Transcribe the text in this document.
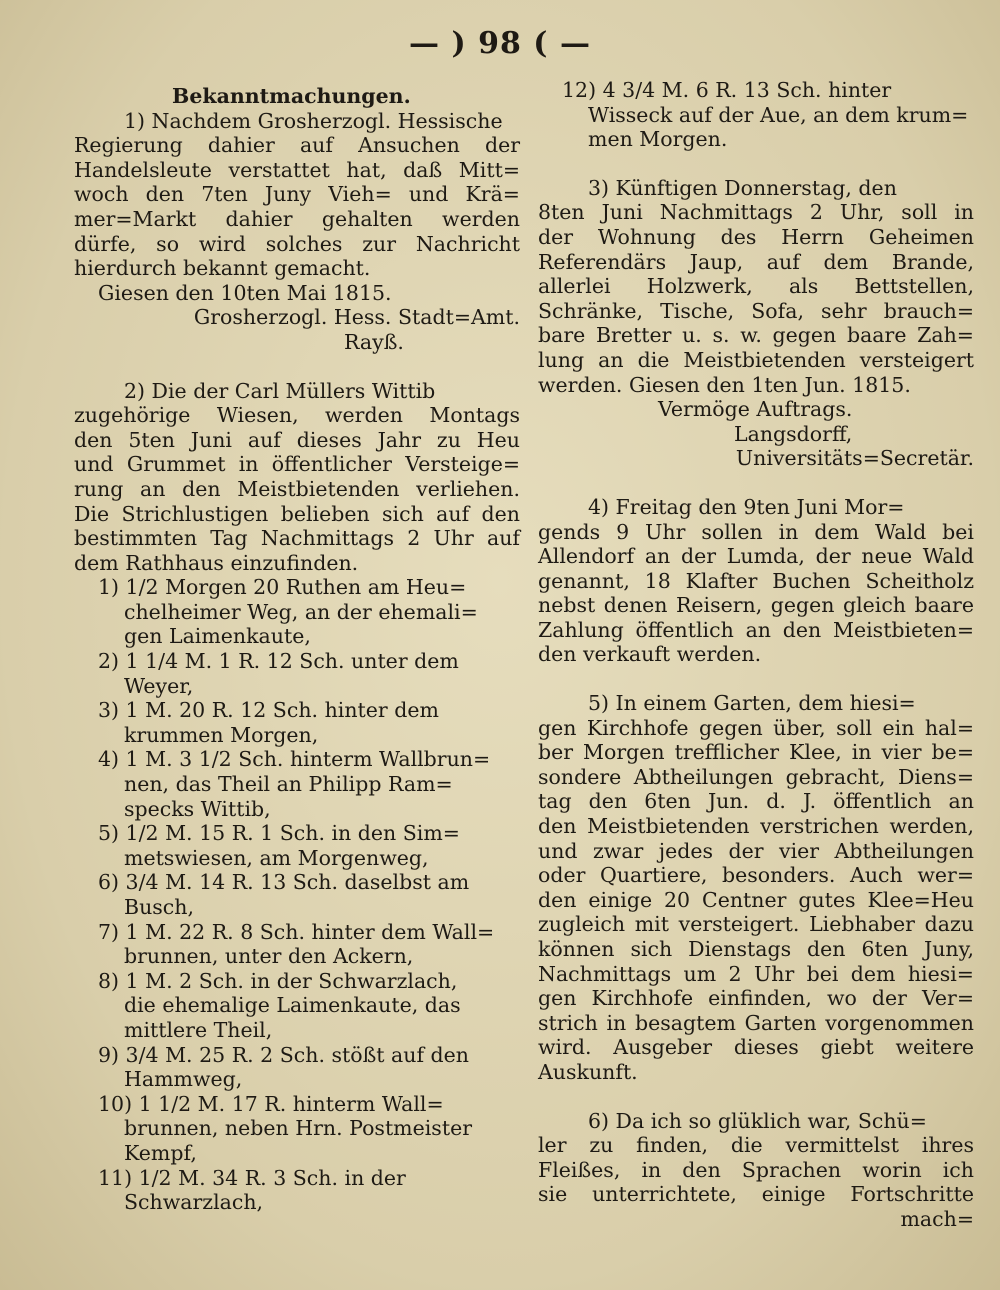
— ) 98 ( —
Bekanntmachungen.
1) Nachdem Grosherzogl. Hessische
Regierung dahier auf Ansuchen der
Handelsleute verstattet hat, daß Mitt=
woch den 7ten Juny Vieh= und Krä=
mer=Markt dahier gehalten werden
dürfe, so wird solches zur Nachricht
hierdurch bekannt gemacht.
Giesen den 10ten Mai 1815.
Grosherzogl. Hess. Stadt=Amt.
Rayß.
2) Die der Carl Müllers Wittib
zugehörige Wiesen, werden Montags
den 5ten Juni auf dieses Jahr zu Heu
und Grummet in öffentlicher Versteige=
rung an den Meistbietenden verliehen.
Die Strichlustigen belieben sich auf den
bestimmten Tag Nachmittags 2 Uhr auf
dem Rathhaus einzufinden.
1) 1/2 Morgen 20 Ruthen am Heu=
chelheimer Weg, an der ehemali=
gen Laimenkaute,
2) 1 1/4 M. 1 R. 12 Sch. unter dem
Weyer,
3) 1 M. 20 R. 12 Sch. hinter dem
krummen Morgen,
4) 1 M. 3 1/2 Sch. hinterm Wallbrun=
nen, das Theil an Philipp Ram=
specks Wittib,
5) 1/2 M. 15 R. 1 Sch. in den Sim=
metswiesen, am Morgenweg,
6) 3/4 M. 14 R. 13 Sch. daselbst am
Busch,
7) 1 M. 22 R. 8 Sch. hinter dem Wall=
brunnen, unter den Ackern,
8) 1 M. 2 Sch. in der Schwarzlach,
die ehemalige Laimenkaute, das
mittlere Theil,
9) 3/4 M. 25 R. 2 Sch. stößt auf den
Hammweg,
10) 1 1/2 M. 17 R. hinterm Wall=
brunnen, neben Hrn. Postmeister
Kempf,
11) 1/2 M. 34 R. 3 Sch. in der
Schwarzlach,
12) 4 3/4 M. 6 R. 13 Sch. hinter
Wisseck auf der Aue, an dem krum=
men Morgen.
3) Künftigen Donnerstag, den
8ten Juni Nachmittags 2 Uhr, soll in
der Wohnung des Herrn Geheimen
Referendärs Jaup, auf dem Brande,
allerlei Holzwerk, als Bettstellen,
Schränke, Tische, Sofa, sehr brauch=
bare Bretter u. s. w. gegen baare Zah=
lung an die Meistbietenden versteigert
werden. Giesen den 1ten Jun. 1815.
Vermöge Auftrags.
Langsdorff,
Universitäts=Secretär.
4) Freitag den 9ten Juni Mor=
gends 9 Uhr sollen in dem Wald bei
Allendorf an der Lumda, der neue Wald
genannt, 18 Klafter Buchen Scheitholz
nebst denen Reisern, gegen gleich baare
Zahlung öffentlich an den Meistbieten=
den verkauft werden.
5) In einem Garten, dem hiesi=
gen Kirchhofe gegen über, soll ein hal=
ber Morgen trefflicher Klee, in vier be=
sondere Abtheilungen gebracht, Diens=
tag den 6ten Jun. d. J. öffentlich an
den Meistbietenden verstrichen werden,
und zwar jedes der vier Abtheilungen
oder Quartiere, besonders. Auch wer=
den einige 20 Centner gutes Klee=Heu
zugleich mit versteigert. Liebhaber dazu
können sich Dienstags den 6ten Juny,
Nachmittags um 2 Uhr bei dem hiesi=
gen Kirchhofe einfinden, wo der Ver=
strich in besagtem Garten vorgenommen
wird. Ausgeber dieses giebt weitere
Auskunft.
6) Da ich so glüklich war, Schü=
ler zu finden, die vermittelst ihres
Fleißes, in den Sprachen worin ich
sie unterrichtete, einige Fortschritte
mach=
